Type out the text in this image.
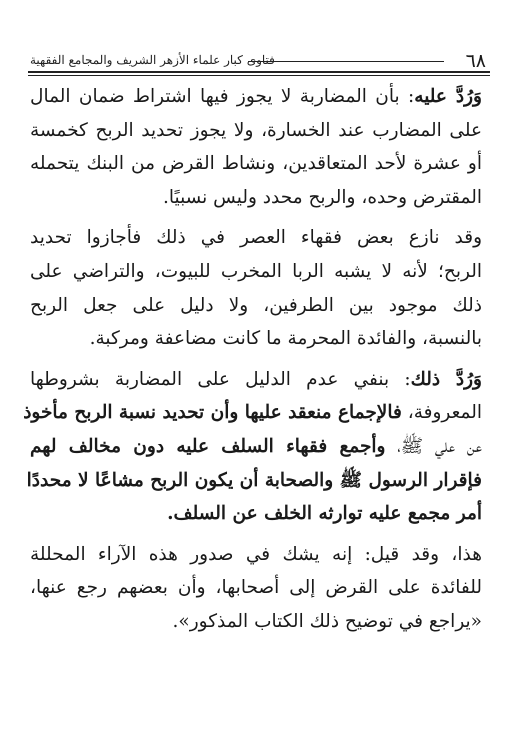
٦٨
فتاوى كبار علماء الأزهر الشريف والمجامع الفقهية
وَرُدَّ عليه: بأن المضاربة لا يجوز فيها اشتراط ضمان المال
على المضارب عند الخسارة، ولا يجوز تحديد الربح كخمسة
أو عشرة لأحد المتعاقدين، ونشاط القرض من البنك يتحمله
المقترض وحده، والربح محدد وليس نسبيًا.
وقد نازع بعض فقهاء العصر في ذلك فأجازوا تحديد
الربح؛ لأنه لا يشبه الربا المخرب للبيوت، والتراضي على
ذلك موجود بين الطرفين، ولا دليل على جعل الربح
بالنسبة، والفائدة المحرمة ما كانت مضاعفة ومركبة.
وَرُدَّ ذلك: بنفي عدم الدليل على المضاربة بشروطها
المعروفة، فالإجماع منعقد عليها وأن تحديد نسبة الربح مأخوذ
عن علي ﷺ، وأجمع فقهاء السلف عليه دون مخالف لهم
فإقرار الرسول ﷺ والصحابة أن يكون الربح مشاعًا لا محددًا
أمر مجمع عليه توارثه الخلف عن السلف.
هذا، وقد قيل: إنه يشك في صدور هذه الآراء المحللة
للفائدة على القرض إلى أصحابها، وأن بعضهم رجع عنها،
«يراجع في توضيح ذلك الكتاب المذكور».
